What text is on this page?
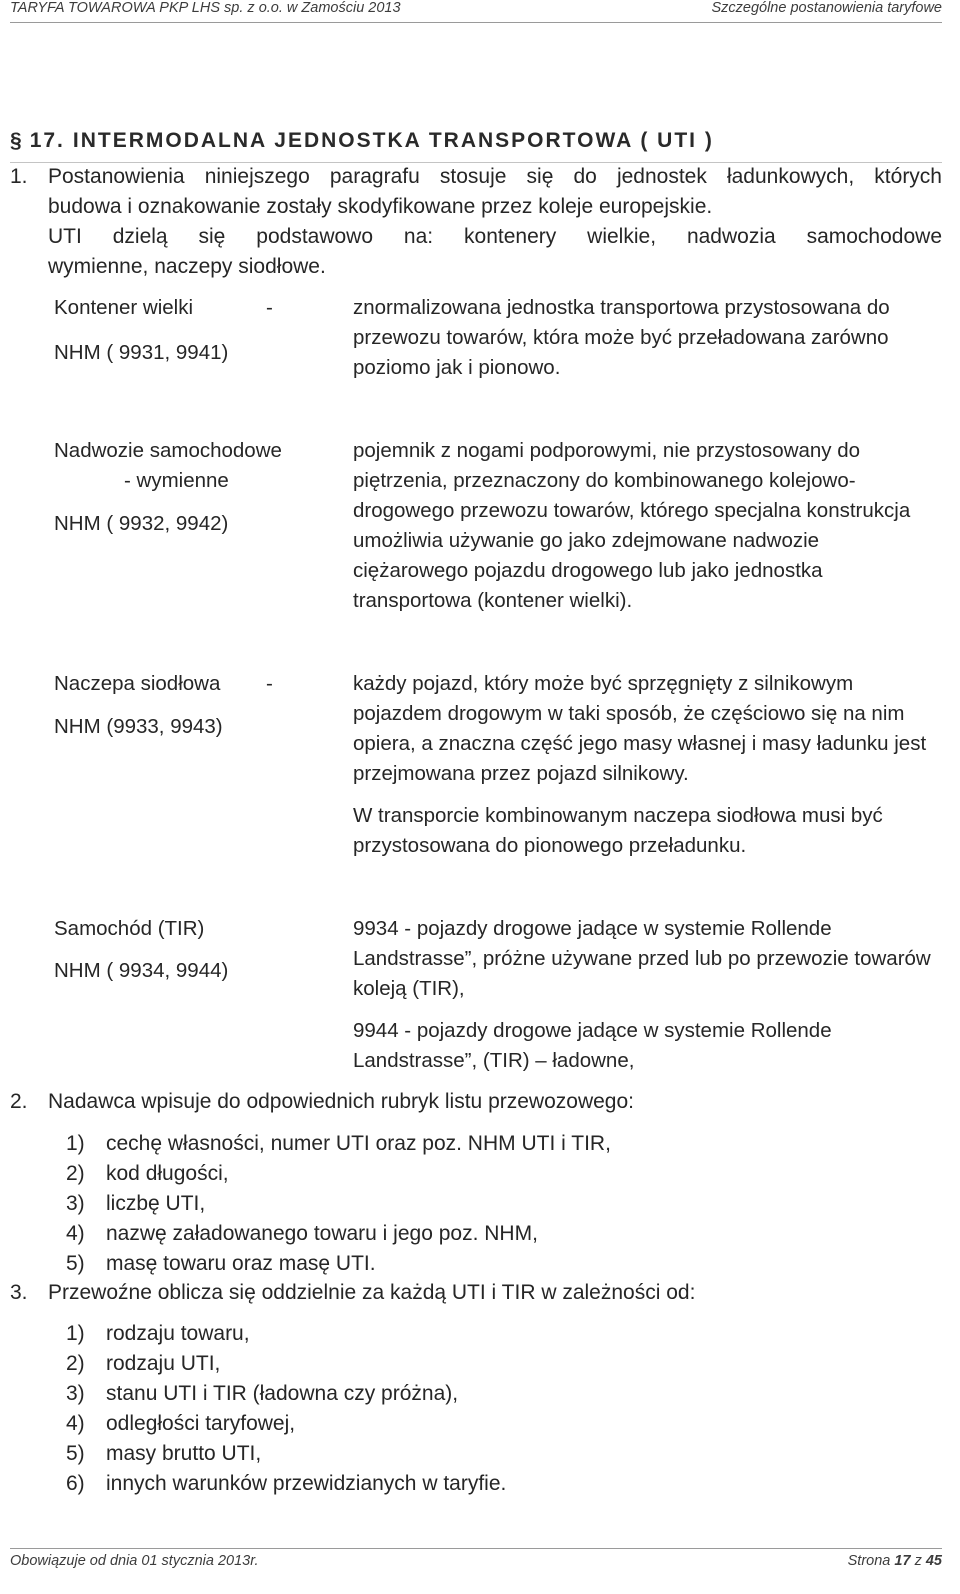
TARYFA TOWAROWA PKP LHS sp. z o.o. w Zamościu 2013	Szczególne postanowienia taryfowe
§ 17. INTERMODALNA JEDNOSTKA TRANSPORTOWA ( UTI )
1. Postanowienia niniejszego paragrafu stosuje się do jednostek ładunkowych, których
budowa i oznakowanie zostały skodyfikowane przez koleje europejskie.
UTI dzielą się podstawowo na: kontenery wielkie, nadwozia samochodowe
wymienne, naczepy siodłowe.
Kontener wielki	-
NHM ( 9931, 9941)

znormalizowana jednostka transportowa przystosowana do przewozu towarów, która może być przeładowana zarówno poziomo jak i pionowo.

Nadwozie samochodowe
- wymienne
NHM ( 9932, 9942)

pojemnik z nogami podporowymi, nie przystosowany do piętrzenia, przeznaczony do kombinowanego kolejowo-drogowego przewozu towarów, którego specjalna konstrukcja umożliwia używanie go jako zdejmowane nadwozie ciężarowego pojazdu drogowego lub jako jednostka transportowa (kontener wielki).

Naczepa siodłowa -
NHM (9933, 9943)

każdy pojazd, który może być sprzęgnięty z silnikowym pojazdem drogowym w taki sposób, że częściowo się na nim opiera, a znaczna część jego masy własnej i masy ładunku jest przejmowana przez pojazd silnikowy.

W transporcie kombinowanym naczepa siodłowa musi być przystosowana do pionowego przeładunku.

Samochód (TIR)
NHM ( 9934, 9944)

9934 - pojazdy drogowe jadące w systemie Rollende Landstrasse”, próżne używane przed lub po przewozie towarów koleją (TIR),

9944 - pojazdy drogowe jadące w systemie Rollende Landstrasse”, (TIR) – ładowne,

2. Nadawca wpisuje do odpowiednich rubryk listu przewozowego:
1) cechę własności, numer UTI oraz poz. NHM UTI i TIR,
2) kod długości,
3) liczbę UTI,
4) nazwę załadowanego towaru i jego poz. NHM,
5) masę towaru oraz masę UTI.
3. Przewoźne oblicza się oddzielnie za każdą UTI i TIR w zależności od:
1) rodzaju towaru,
2) rodzaju UTI,
3) stanu UTI i TIR (ładowna czy próżna),
4) odległości taryfowej,
5) masy brutto UTI,
6) innych warunków przewidzianych w taryfie.
Obowiązuje od dnia 01 stycznia 2013r.	Strona 17 z 45
